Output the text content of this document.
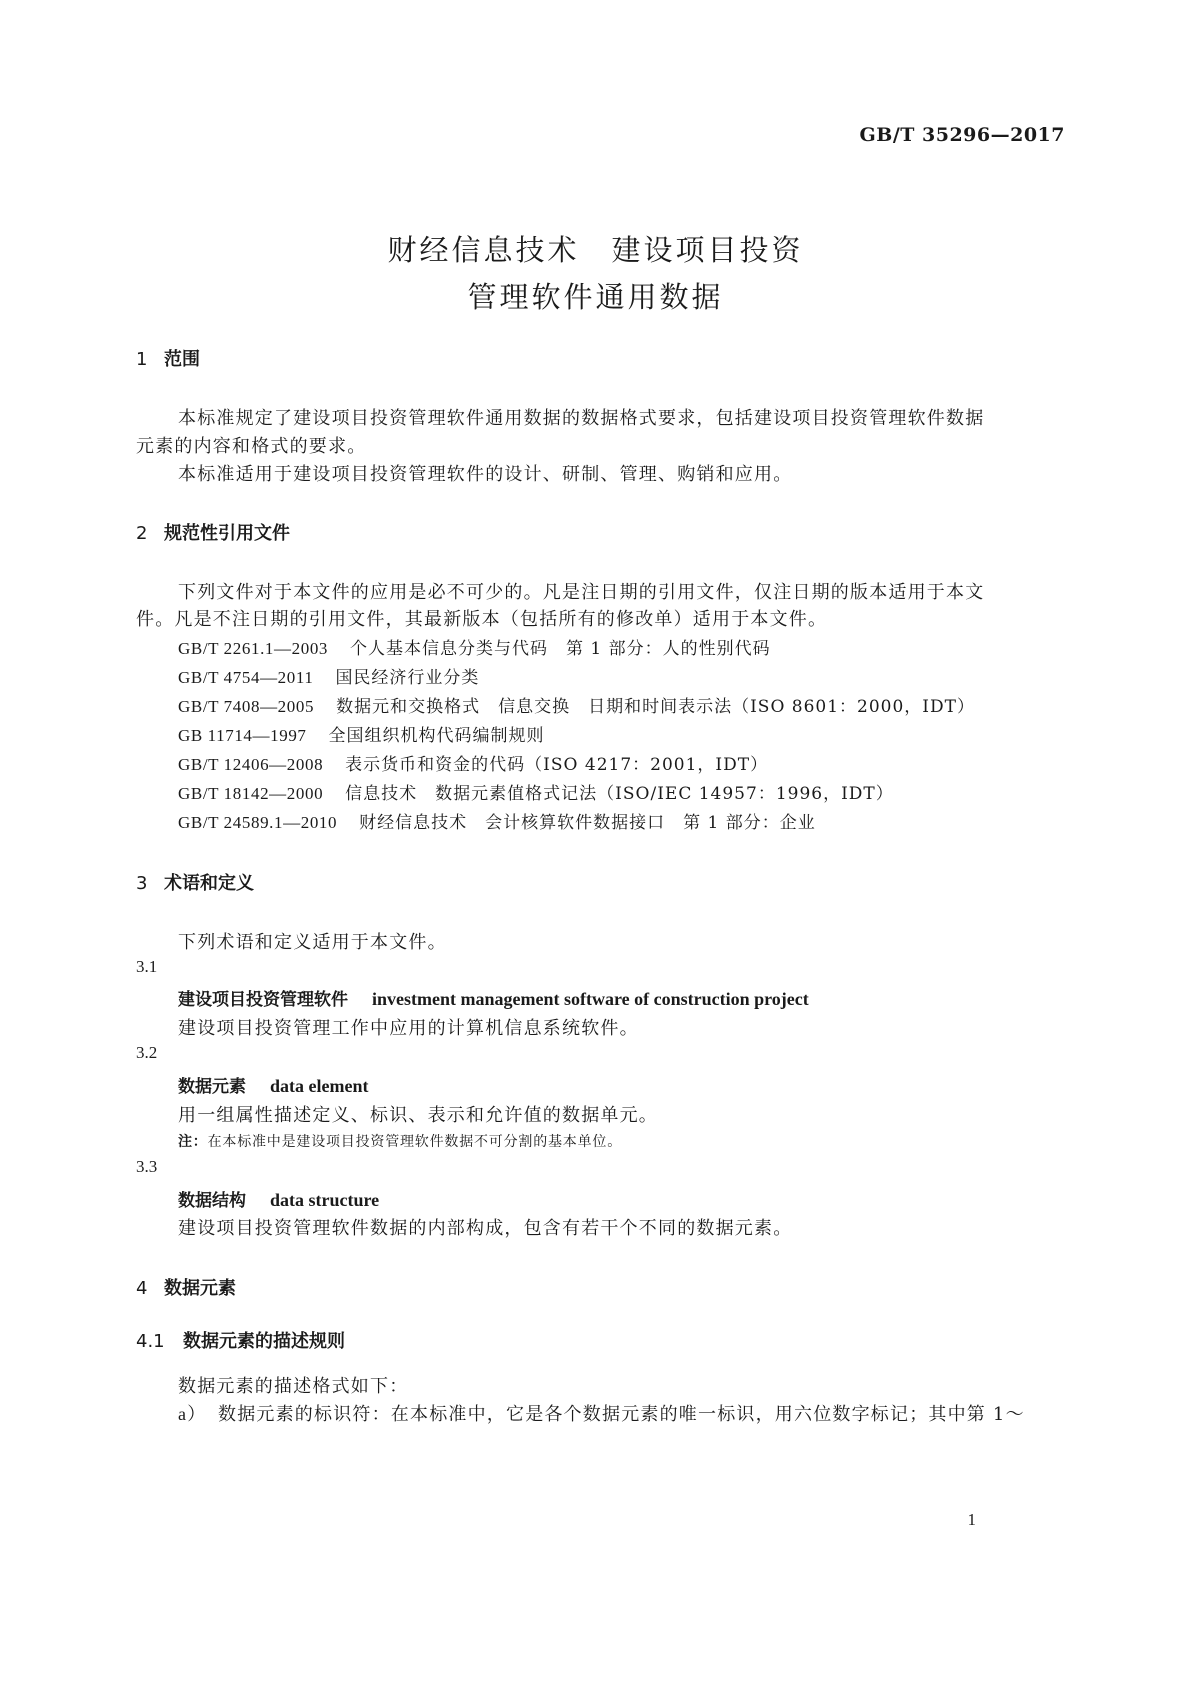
GB/T 35296—2017
财经信息技术　建设项目投资
管理软件通用数据
1 范围
本标准规定了建设项目投资管理软件通用数据的数据格式要求，包括建设项目投资管理软件数据
元素的内容和格式的要求。
本标准适用于建设项目投资管理软件的设计、研制、管理、购销和应用。
2 规范性引用文件
下列文件对于本文件的应用是必不可少的。凡是注日期的引用文件，仅注日期的版本适用于本文
件。凡是不注日期的引用文件，其最新版本（包括所有的修改单）适用于本文件。
GB/T 2261.1—2003 个人基本信息分类与代码　第 1 部分：人的性别代码
GB/T 4754—2011 国民经济行业分类
GB/T 7408—2005 数据元和交换格式　信息交换　日期和时间表示法（ISO 8601：2000，IDT）
GB 11714—1997 全国组织机构代码编制规则
GB/T 12406—2008 表示货币和资金的代码（ISO 4217：2001，IDT）
GB/T 18142—2000 信息技术　数据元素值格式记法（ISO/IEC 14957：1996，IDT）
GB/T 24589.1—2010 财经信息技术　会计核算软件数据接口　第 1 部分：企业
3 术语和定义
下列术语和定义适用于本文件。
3.1
建设项目投资管理软件 investment management software of construction project
建设项目投资管理工作中应用的计算机信息系统软件。
3.2
数据元素 data element
用一组属性描述定义、标识、表示和允许值的数据单元。
注：在本标准中是建设项目投资管理软件数据不可分割的基本单位。
3.3
数据结构 data structure
建设项目投资管理软件数据的内部构成，包含有若干个不同的数据元素。
4 数据元素
4.1 数据元素的描述规则
数据元素的描述格式如下：
a） 数据元素的标识符：在本标准中，它是各个数据元素的唯一标识，用六位数字标记；其中第 1～
1
